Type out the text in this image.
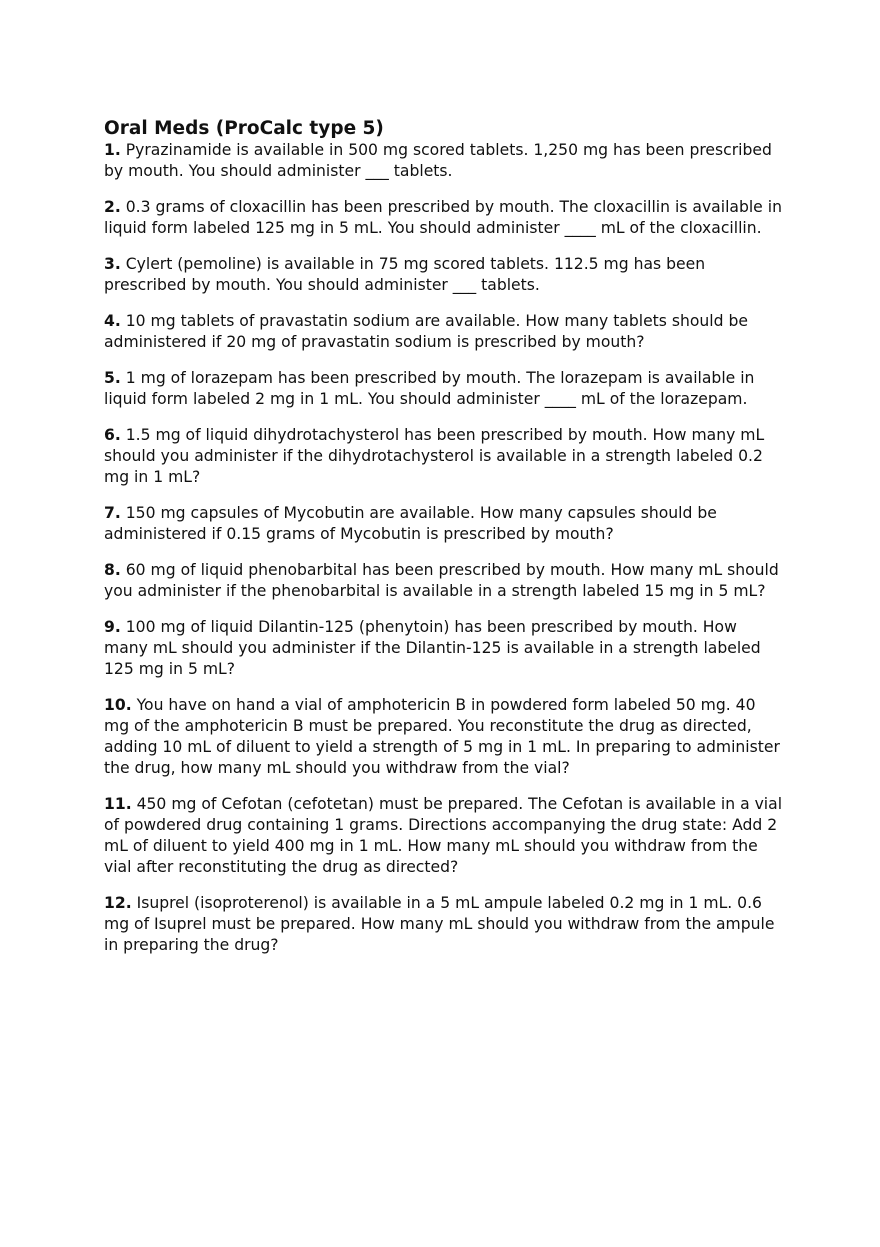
Oral Meds (ProCalc type 5)

1. Pyrazinamide is available in 500 mg scored tablets. 1,250 mg has been prescribed by mouth. You should administer ___ tablets.

2. 0.3 grams of cloxacillin has been prescribed by mouth. The cloxacillin is available in liquid form labeled 125 mg in 5 mL. You should administer ____ mL of the cloxacillin.

3. Cylert (pemoline) is available in 75 mg scored tablets. 112.5 mg has been prescribed by mouth. You should administer ___ tablets.

4. 10 mg tablets of pravastatin sodium are available. How many tablets should be administered if 20 mg of pravastatin sodium is prescribed by mouth?

5. 1 mg of lorazepam has been prescribed by mouth. The lorazepam is available in liquid form labeled 2 mg in 1 mL. You should administer ____ mL of the lorazepam.

6. 1.5 mg of liquid dihydrotachysterol has been prescribed by mouth. How many mL should you administer if the dihydrotachysterol is available in a strength labeled 0.2 mg in 1 mL?

7. 150 mg capsules of Mycobutin are available. How many capsules should be administered if 0.15 grams of Mycobutin is prescribed by mouth?

8. 60 mg of liquid phenobarbital has been prescribed by mouth. How many mL should you administer if the phenobarbital is available in a strength labeled 15 mg in 5 mL?

9. 100 mg of liquid Dilantin-125 (phenytoin) has been prescribed by mouth. How many mL should you administer if the Dilantin-125 is available in a strength labeled 125 mg in 5 mL?

10. You have on hand a vial of amphotericin B in powdered form labeled 50 mg. 40 mg of the amphotericin B must be prepared. You reconstitute the drug as directed, adding 10 mL of diluent to yield a strength of 5 mg in 1 mL. In preparing to administer the drug, how many mL should you withdraw from the vial?

11. 450 mg of Cefotan (cefotetan) must be prepared. The Cefotan is available in a vial of powdered drug containing 1 grams. Directions accompanying the drug state: Add 2 mL of diluent to yield 400 mg in 1 mL. How many mL should you withdraw from the vial after reconstituting the drug as directed?

12. Isuprel (isoproterenol) is available in a 5 mL ampule labeled 0.2 mg in 1 mL. 0.6 mg of Isuprel must be prepared. How many mL should you withdraw from the ampule in preparing the drug?
